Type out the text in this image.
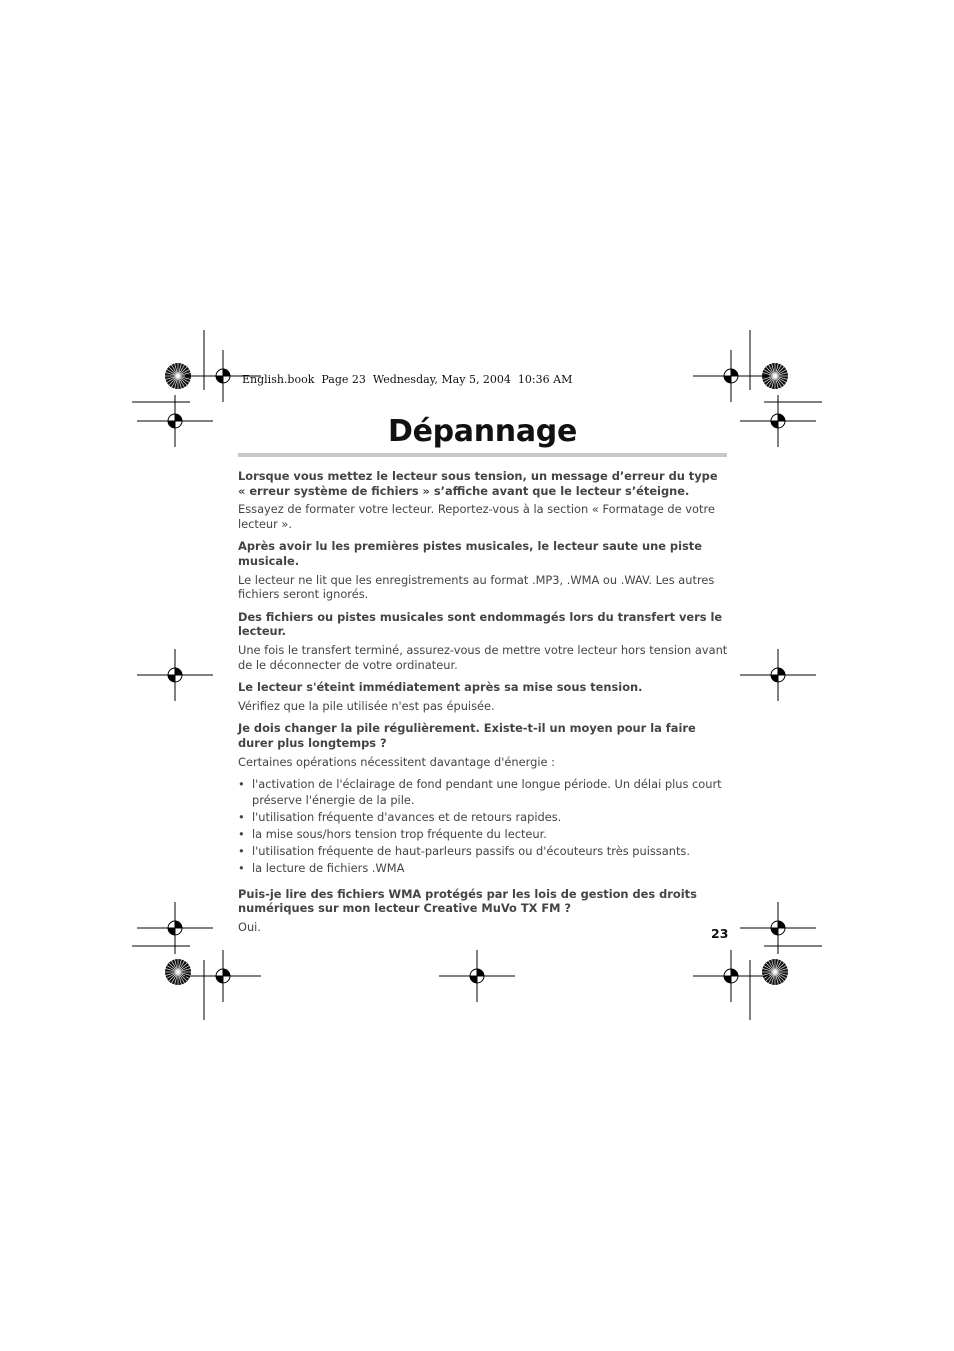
English.book  Page 23  Wednesday, May 5, 2004  10:36 AM
Dépannage

Lorsque vous mettez le lecteur sous tension, un message d’erreur du type « erreur système de fichiers » s’affiche avant que le lecteur s’éteigne.

Essayez de formater votre lecteur. Reportez-vous à la section « Formatage de votre lecteur ».

Après avoir lu les premières pistes musicales, le lecteur saute une piste musicale.

Le lecteur ne lit que les enregistrements au format .MP3, .WMA ou .WAV. Les autres fichiers seront ignorés.

Des fichiers ou pistes musicales sont endommagés lors du transfert vers le lecteur.

Une fois le transfert terminé, assurez-vous de mettre votre lecteur hors tension avant de le déconnecter de votre ordinateur.

Le lecteur s'éteint immédiatement après sa mise sous tension.

Vérifiez que la pile utilisée n'est pas épuisée.

Je dois changer la pile régulièrement. Existe-t-il un moyen pour la faire durer plus longtemps ?

Certaines opérations nécessitent davantage d'énergie :

• l'activation de l'éclairage de fond pendant une longue période. Un délai plus court préserve l'énergie de la pile.
• l'utilisation fréquente d'avances et de retours rapides.
• la mise sous/hors tension trop fréquente du lecteur.
• l'utilisation fréquente de haut-parleurs passifs ou d'écouteurs très puissants.
• la lecture de fichiers .WMA

Puis-je lire des fichiers WMA protégés par les lois de gestion des droits numériques sur mon lecteur Creative MuVo TX FM ?

Oui.	23
